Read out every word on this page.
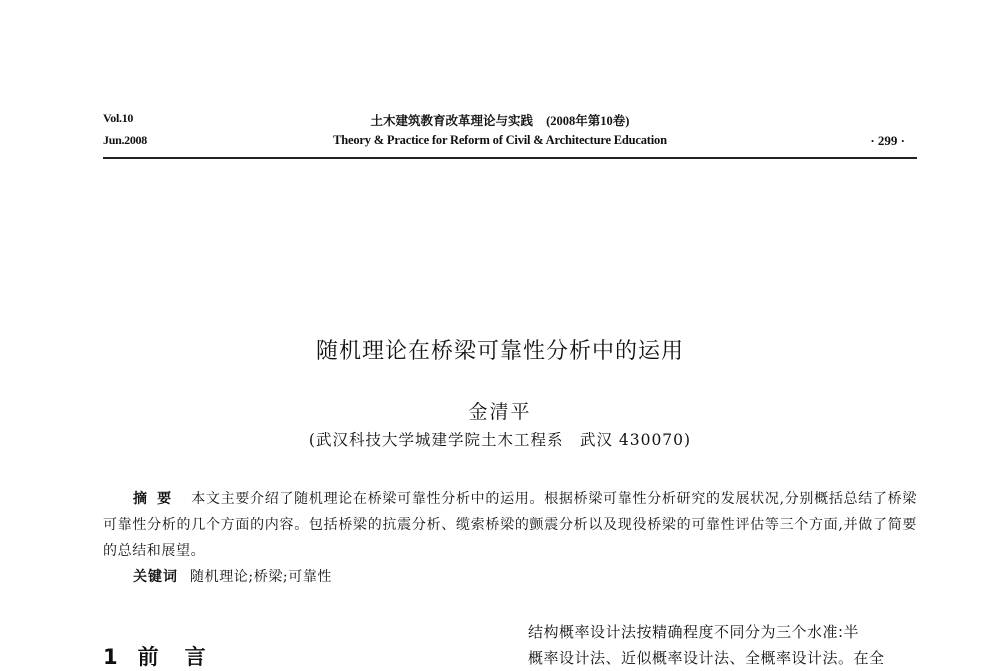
Vol.10
Jun.2008
土木建筑教育改革理论与实践 (2008年第10卷)
Theory & Practice for Reform of Civil & Architecture Education	· 299 ·
随机理论在桥梁可靠性分析中的运用
金清平
(武汉科技大学城建学院土木工程系　武汉 430070)

摘要 本文主要介绍了随机理论在桥梁可靠性分析中的运用。根据桥梁可靠性分析研究的发展状况,分别概括总结了桥梁可靠性分析的几个方面的内容。包括桥梁的抗震分析、缆索桥梁的颤震分析以及现役桥梁的可靠性评估等三个方面,并做了简要的总结和展望。

关键词 随机理论;桥梁;可靠性

1 前言
结构概率设计法按精确程度不同分为三个水准:半
概率设计法、近似概率设计法、全概率设计法。在全
